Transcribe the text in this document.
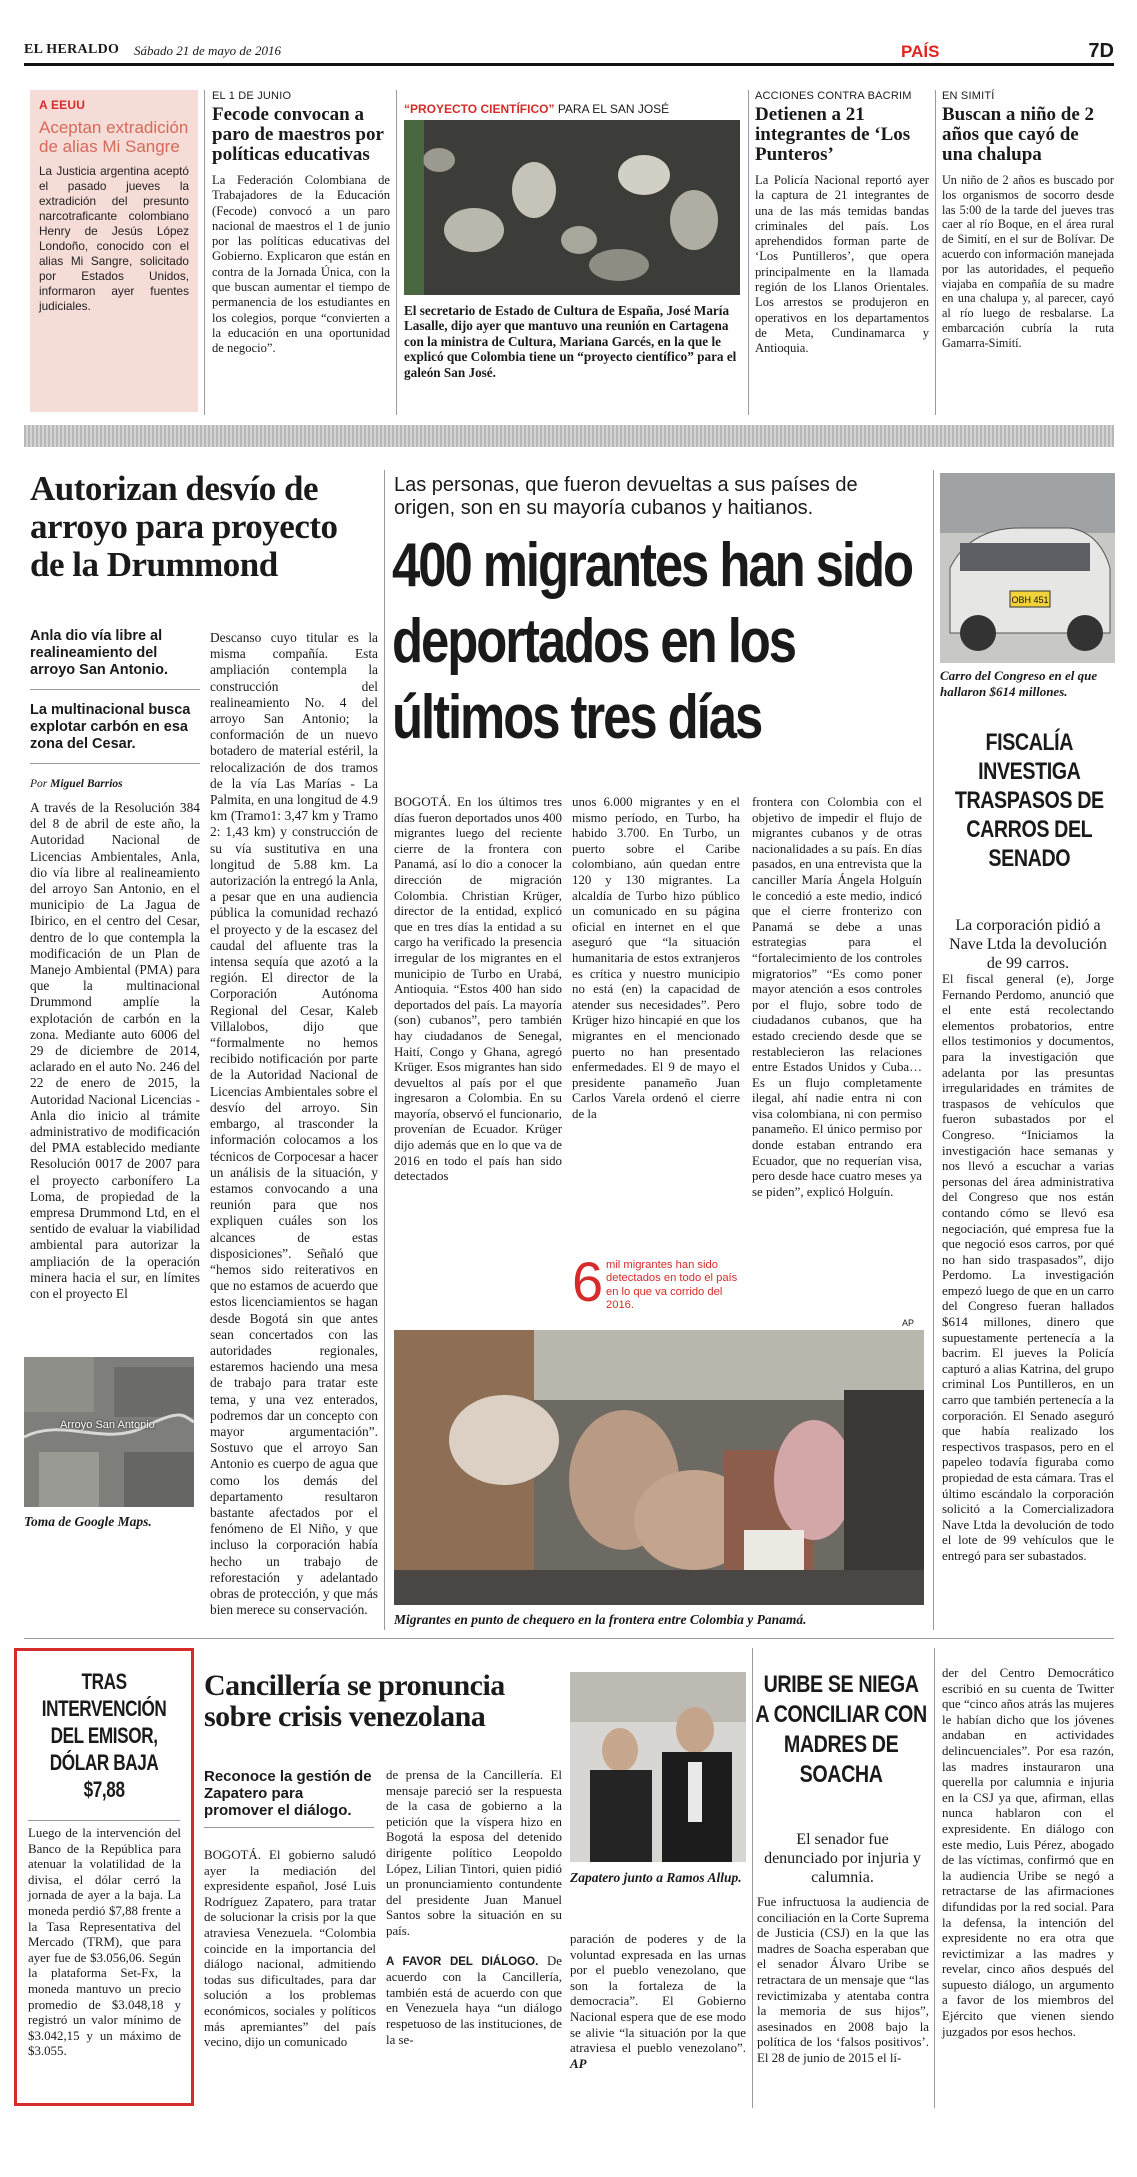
EL HERALDO Sábado 21 de mayo de 2016	PAÍS	7D
A EEUU
Aceptan extradición de alias Mi Sangre
La Justicia argentina aceptó el pasado jueves la extradición del presunto narcotraficante colombiano Henry de Jesús López Londoño, conocido con el alias Mi Sangre, solicitado por Estados Unidos, informaron ayer fuentes judiciales.
EL 1 DE JUNIO
Fecode convocan a paro de maestros por políticas educativas
La Federación Colombiana de Trabajadores de la Educación (Fecode) convocó a un paro nacional de maestros el 1 de junio por las políticas educativas del Gobierno. Explicaron que están en contra de la Jornada Única, con la que buscan aumentar el tiempo de permanencia de los estudiantes en los colegios, porque “convierten a la educación en una oportunidad de negocio”.
“PROYECTO CIENTÍFICO” PARA EL SAN JOSÉ
El secretario de Estado de Cultura de España, José María Lasalle, dijo ayer que mantuvo una reunión en Cartagena con la ministra de Cultura, Mariana Garcés, en la que le explicó que Colombia tiene un “proyecto científico” para el galeón San José.
ACCIONES CONTRA BACRIM
Detienen a 21 integrantes de ‘Los Punteros’
La Policía Nacional reportó ayer la captura de 21 integrantes de una de las más temidas bandas criminales del país. Los aprehendidos forman parte de ‘Los Puntilleros’, que opera principalmente en la llamada región de los Llanos Orientales. Los arrestos se produjeron en operativos en los departamentos de Meta, Cundinamarca y Antioquia.
EN SIMITÍ
Buscan a niño de 2 años que cayó de una chalupa
Un niño de 2 años es buscado por los organismos de socorro desde las 5:00 de la tarde del jueves tras caer al río Boque, en el área rural de Simití, en el sur de Bolívar. De acuerdo con información manejada por las autoridades, el pequeño viajaba en compañía de su madre en una chalupa y, al parecer, cayó al río luego de resbalarse. La embarcación cubría la ruta Gamarra-Simití.
Autorizan desvío de arroyo para proyecto de la Drummond
Anla dio vía libre al realineamiento del arroyo San Antonio.
La multinacional busca explotar carbón en esa zona del Cesar.
Por Miguel Barrios
A través de la Resolución 384 del 8 de abril de este año, la Autoridad Nacional de Licencias Ambientales, Anla, dio vía libre al realineamiento del arroyo San Antonio, en el municipio de La Jagua de Ibirico, en el centro del Cesar, dentro de lo que contempla la modificación de un Plan de Manejo Ambiental (PMA) para que la multinacional Drummond amplíe la explotación de carbón en la zona. Mediante auto 6006 del 29 de diciembre de 2014, aclarado en el auto No. 246 del 22 de enero de 2015, la Autoridad Nacional Licencias - Anla dio inicio al trámite administrativo de modificación del PMA establecido mediante Resolución 0017 de 2007 para el proyecto carbonífero La Loma, de propiedad de la empresa Drummond Ltd, en el sentido de evaluar la viabilidad ambiental para autorizar la ampliación de la operación minera hacia el sur, en límites con el proyecto El
Descanso cuyo titular es la misma compañía. Esta ampliación contempla la construcción del realineamiento No. 4 del arroyo San Antonio; la conformación de un nuevo botadero de material estéril, la relocalización de dos tramos de la vía Las Marías - La Palmita, en una longitud de 4.9 km (Tramo1: 3,47 km y Tramo 2: 1,43 km) y construcción de su vía sustitutiva en una longitud de 5.88 km. La autorización la entregó la Anla, a pesar que en una audiencia pública la comunidad rechazó el proyecto y de la escasez del caudal del afluente tras la intensa sequía que azotó a la región. El director de la Corporación Autónoma Regional del Cesar, Kaleb Villalobos, dijo que “formalmente no hemos recibido notificación por parte de la Autoridad Nacional de Licencias Ambientales sobre el desvío del arroyo. Sin embargo, al trasconder la información colocamos a los técnicos de Corpocesar a hacer un análisis de la situación, y estamos convocando a una reunión para que nos expliquen cuáles son los alcances de estas disposiciones”. Señaló que “hemos sido reiterativos en que no estamos de acuerdo que estos licenciamientos se hagan desde Bogotá sin que antes sean concertados con las autoridades regionales, estaremos haciendo una mesa de trabajo para tratar este tema, y una vez enterados, podremos dar un concepto con mayor argumentación”. Sostuvo que el arroyo San Antonio es cuerpo de agua que como los demás del departamento resultaron bastante afectados por el fenómeno de El Niño, y que incluso la corporación había hecho un trabajo de reforestación y adelantado obras de protección, y que más bien merece su conservación.
Arroyo San Antonio
Toma de Google Maps.
Las personas, que fueron devueltas a sus países de origen, son en su mayoría cubanos y haitianos.
400 migrantes han sido deportados en los últimos tres días
BOGOTÁ. En los últimos tres días fueron deportados unos 400 migrantes luego del reciente cierre de la frontera con Panamá, así lo dio a conocer la dirección de migración Colombia. Christian Krüger, director de la entidad, explicó que en tres días la entidad a su cargo ha verificado la presencia irregular de los migrantes en el municipio de Turbo en Urabá, Antioquia. “Estos 400 han sido deportados del país. La mayoría (son) cubanos”, pero también hay ciudadanos de Senegal, Haití, Congo y Ghana, agregó Krüger. Esos migrantes han sido devueltos al país por el que ingresaron a Colombia. En su mayoría, observó el funcionario, provenían de Ecuador. Krüger dijo además que en lo que va de 2016 en todo el país han sido detectados
unos 6.000 migrantes y en el mismo período, en Turbo, ha habido 3.700. En Turbo, un puerto sobre el Caribe colombiano, aún quedan entre 120 y 130 migrantes. La alcaldía de Turbo hizo público un comunicado en su página oficial en internet en el que aseguró que “la situación humanitaria de estos extranjeros es crítica y nuestro municipio no está (en) la capacidad de atender sus necesidades”. Pero Krüger hizo hincapié en que los migrantes en el mencionado puerto no han presentado enfermedades. El 9 de mayo el presidente panameño Juan Carlos Varela ordenó el cierre de la
6 mil migrantes han sido detectados en todo el país en lo que va corrido del 2016.
frontera con Colombia con el objetivo de impedir el flujo de migrantes cubanos y de otras nacionalidades a su país. En días pasados, en una entrevista que la canciller María Ángela Holguín le concedió a este medio, indicó que el cierre fronterizo con Panamá se debe a unas estrategias para el “fortalecimiento de los controles migratorios” “Es como poner mayor atención a esos controles por el flujo, sobre todo de ciudadanos cubanos, que ha estado creciendo desde que se restablecieron las relaciones entre Estados Unidos y Cuba… Es un flujo completamente ilegal, ahí nadie entra ni con visa colombiana, ni con permiso panameño. El único permiso por donde estaban entrando era Ecuador, que no requerían visa, pero desde hace cuatro meses ya se piden”, explicó Holguín.
AP
Migrantes en punto de chequero en la frontera entre Colombia y Panamá.
OBH 451
Carro del Congreso en el que hallaron $614 millones.
FISCALÍA INVESTIGA TRASPASOS DE CARROS DEL SENADO
La corporación pidió a Nave Ltda la devolución de 99 carros.
El fiscal general (e), Jorge Fernando Perdomo, anunció que el ente está recolectando elementos probatorios, entre ellos testimonios y documentos, para la investigación que adelanta por las presuntas irregularidades en trámites de traspasos de vehículos que fueron subastados por el Congreso. “Iniciamos la investigación hace semanas y nos llevó a escuchar a varias personas del área administrativa del Congreso que nos están contando cómo se llevó esa negociación, qué empresa fue la que negoció esos carros, por qué no han sido traspasados”, dijo Perdomo. La investigación empezó luego de que en un carro del Congreso fueran hallados $614 millones, dinero que supuestamente pertenecía a la bacrim. El jueves la Policía capturó a alias Katrina, del grupo criminal Los Puntilleros, en un carro que también pertenecía a la corporación. El Senado aseguró que había realizado los respectivos traspasos, pero en el papeleo todavía figuraba como propiedad de esta cámara. Tras el último escándalo la corporación solicitó a la Comercializadora Nave Ltda la devolución de todo el lote de 99 vehículos que le entregó para ser subastados.
TRAS INTERVENCIÓN DEL EMISOR, DÓLAR BAJA $7,88
Luego de la intervención del Banco de la República para atenuar la volatilidad de la divisa, el dólar cerró la jornada de ayer a la baja. La moneda perdió $7,88 frente a la Tasa Representativa del Mercado (TRM), que para ayer fue de $3.056,06. Según la plataforma Set-Fx, la moneda mantuvo un precio promedio de $3.048,18 y registró un valor mínimo de $3.042,15 y un máximo de $3.055.
Cancillería se pronuncia sobre crisis venezolana
Reconoce la gestión de Zapatero para promover el diálogo.
BOGOTÁ. El gobierno saludó ayer la mediación del expresidente español, José Luis Rodríguez Zapatero, para tratar de solucionar la crisis por la que atraviesa Venezuela. “Colombia coincide en la importancia del diálogo nacional, admitiendo todas sus dificultades, para dar solución a los problemas económicos, sociales y políticos más apremiantes” del país vecino, dijo un comunicado
de prensa de la Cancillería. El mensaje pareció ser la respuesta de la casa de gobierno a la petición que la víspera hizo en Bogotá la esposa del detenido dirigente político Leopoldo López, Lilian Tintori, quien pidió un pronunciamiento contundente del presidente Juan Manuel Santos sobre la situación en su país.
A FAVOR DEL DIÁLOGO. De acuerdo con la Cancillería, también está de acuerdo con que en Venezuela haya “un diálogo respetuoso de las instituciones, de la se-
Zapatero junto a Ramos Allup.
paración de poderes y de la voluntad expresada en las urnas por el pueblo venezolano, que son la fortaleza de la democracia”. El Gobierno Nacional espera que de ese modo se alivie “la situación por la que atraviesa el pueblo venezolano”. AP
URIBE SE NIEGA A CONCILIAR CON MADRES DE SOACHA
El senador fue denunciado por injuria y calumnia.
Fue infructuosa la audiencia de conciliación en la Corte Suprema de Justicia (CSJ) en la que las madres de Soacha esperaban que el senador Álvaro Uribe se retractara de un mensaje que “las revictimizaba y atentaba contra la memoria de sus hijos”, asesinados en 2008 bajo la política de los ‘falsos positivos’. El 28 de junio de 2015 el lí-
der del Centro Democrático escribió en su cuenta de Twitter que “cinco años atrás las mujeres le habían dicho que los jóvenes andaban en actividades delincuenciales”. Por esa razón, las madres instauraron una querella por calumnia e injuria en la CSJ ya que, afirman, ellas nunca hablaron con el expresidente. En diálogo con este medio, Luis Pérez, abogado de las víctimas, confirmó que en la audiencia Uribe se negó a retractarse de las afirmaciones difundidas por la red social. Para la defensa, la intención del expresidente no era otra que revictimizar a las madres y revelar, cinco años después del supuesto diálogo, un argumento a favor de los miembros del Ejército que vienen siendo juzgados por esos hechos.
